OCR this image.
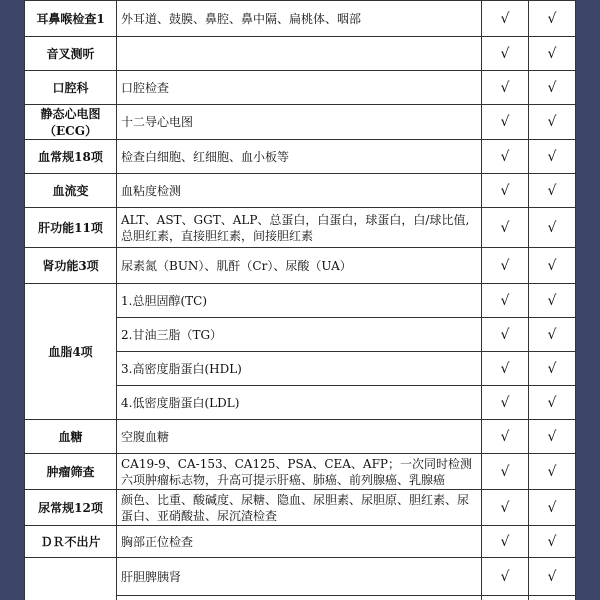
耳鼻喉检查1	外耳道、鼓膜、鼻腔、鼻中隔、扁桃体、咽部	√	√
音叉测听		√	√
口腔科	口腔检查	√	√
静态心电图（ECG）	十二导心电图	√	√
血常规18项	检查白细胞、红细胞、血小板等	√	√
血流变	血粘度检测	√	√
肝功能11项	ALT、AST、GGT、ALP、总蛋白，白蛋白，球蛋白，白/球比值,总胆红素，直接胆红素，间接胆红素	√	√
肾功能3项	尿素氮（BUN）、肌酐（Cr）、尿酸（UA）	√	√
血脂4项	1.总胆固醇(TC)	√	√
	2.甘油三脂（TG）	√	√
	3.高密度脂蛋白(HDL)	√	√
	4.低密度脂蛋白(LDL)	√	√
血糖	空腹血糖	√	√
肿瘤筛查	CA19-9、CA-153、CA125、PSA、CEA、AFP；一次同时检测六项肿瘤标志物，升高可提示肝癌、肺癌、前列腺癌、乳腺癌	√	√
尿常规12项	颜色、比重、酸碱度、尿糖、隐血、尿胆素、尿胆原、胆红素、尿蛋白、亚硝酸盐、尿沉渣检查	√	√
ＤＲ不出片	胸部正位检查	√	√
	肝胆脾胰肾	√	√
